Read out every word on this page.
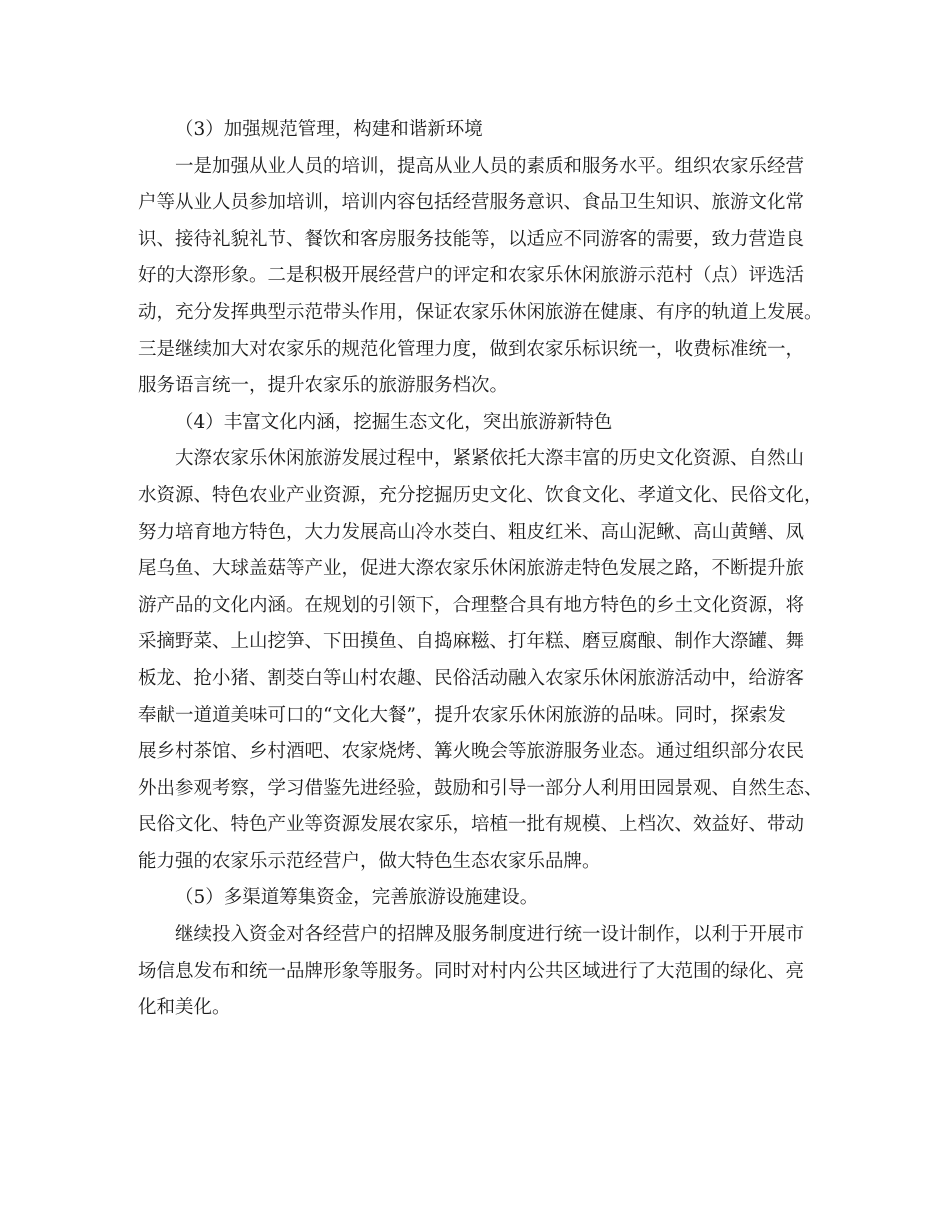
（3）加强规范管理，构建和谐新环境
一是加强从业人员的培训，提高从业人员的素质和服务水平。组织农家乐经营
户等从业人员参加培训，培训内容包括经营服务意识、食品卫生知识、旅游文化常
识、接待礼貌礼节、餐饮和客房服务技能等，以适应不同游客的需要，致力营造良
好的大漈形象。二是积极开展经营户的评定和农家乐休闲旅游示范村（点）评选活
动，充分发挥典型示范带头作用，保证农家乐休闲旅游在健康、有序的轨道上发展。
三是继续加大对农家乐的规范化管理力度，做到农家乐标识统一，收费标准统一，
服务语言统一，提升农家乐的旅游服务档次。
（4）丰富文化内涵，挖掘生态文化，突出旅游新特色
大漈农家乐休闲旅游发展过程中，紧紧依托大漈丰富的历史文化资源、自然山
水资源、特色农业产业资源，充分挖掘历史文化、饮食文化、孝道文化、民俗文化，
努力培育地方特色，大力发展高山冷水茭白、粗皮红米、高山泥鳅、高山黄鳝、凤
尾乌鱼、大球盖菇等产业，促进大漈农家乐休闲旅游走特色发展之路，不断提升旅
游产品的文化内涵。在规划的引领下，合理整合具有地方特色的乡土文化资源，将
采摘野菜、上山挖笋、下田摸鱼、自捣麻糍、打年糕、磨豆腐酿、制作大漈罐、舞
板龙、抢小猪、割茭白等山村农趣、民俗活动融入农家乐休闲旅游活动中，给游客
奉献一道道美味可口的“文化大餐”，提升农家乐休闲旅游的品味。同时，探索发
展乡村茶馆、乡村酒吧、农家烧烤、篝火晚会等旅游服务业态。通过组织部分农民
外出参观考察，学习借鉴先进经验，鼓励和引导一部分人利用田园景观、自然生态、
民俗文化、特色产业等资源发展农家乐，培植一批有规模、上档次、效益好、带动
能力强的农家乐示范经营户，做大特色生态农家乐品牌。
（5）多渠道筹集资金，完善旅游设施建设。
继续投入资金对各经营户的招牌及服务制度进行统一设计制作，以利于开展市
场信息发布和统一品牌形象等服务。同时对村内公共区域进行了大范围的绿化、亮
化和美化。
